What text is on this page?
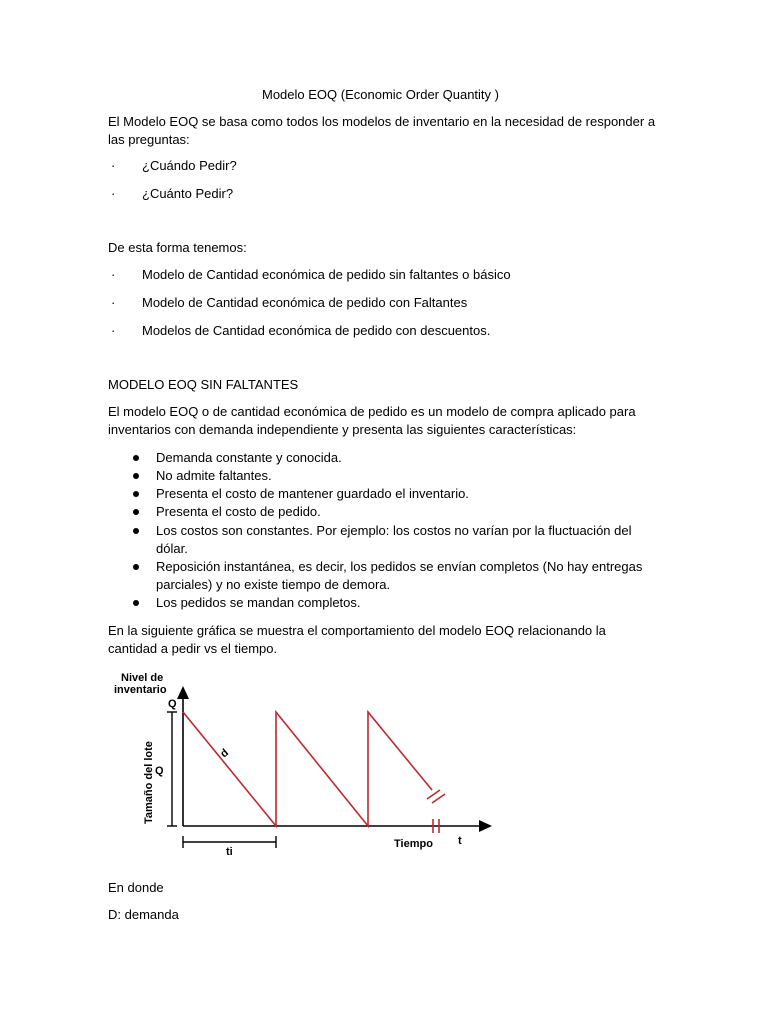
Modelo EOQ (Economic Order Quantity )
El Modelo EOQ se basa como todos los modelos de inventario en la necesidad de responder a
las preguntas:
· ¿Cuándo Pedir?
· ¿Cuánto Pedir?
De esta forma tenemos:
· Modelo de Cantidad económica de pedido sin faltantes o básico
· Modelo de Cantidad económica de pedido con Faltantes
· Modelos de Cantidad económica de pedido con descuentos.
MODELO EOQ SIN FALTANTES
El modelo EOQ o de cantidad económica de pedido es un modelo de compra aplicado para
inventarios con demanda independiente y presenta las siguientes características:
Demanda constante y conocida.
No admite faltantes.
Presenta el costo de mantener guardado el inventario.
Presenta el costo de pedido.
Los costos son constantes. Por ejemplo: los costos no varían por la fluctuación del
dólar.
Reposición instantánea, es decir, los pedidos se envían completos (No hay entregas
parciales) y no existe tiempo de demora.
Los pedidos se mandan completos.
En la siguiente gráfica se muestra el comportamiento del modelo EOQ relacionando la
cantidad a pedir vs el tiempo.
Nivel de
inventario
Q
Q
Tamaño del lote	d
ti
Tiempo t
En donde
D: demanda
